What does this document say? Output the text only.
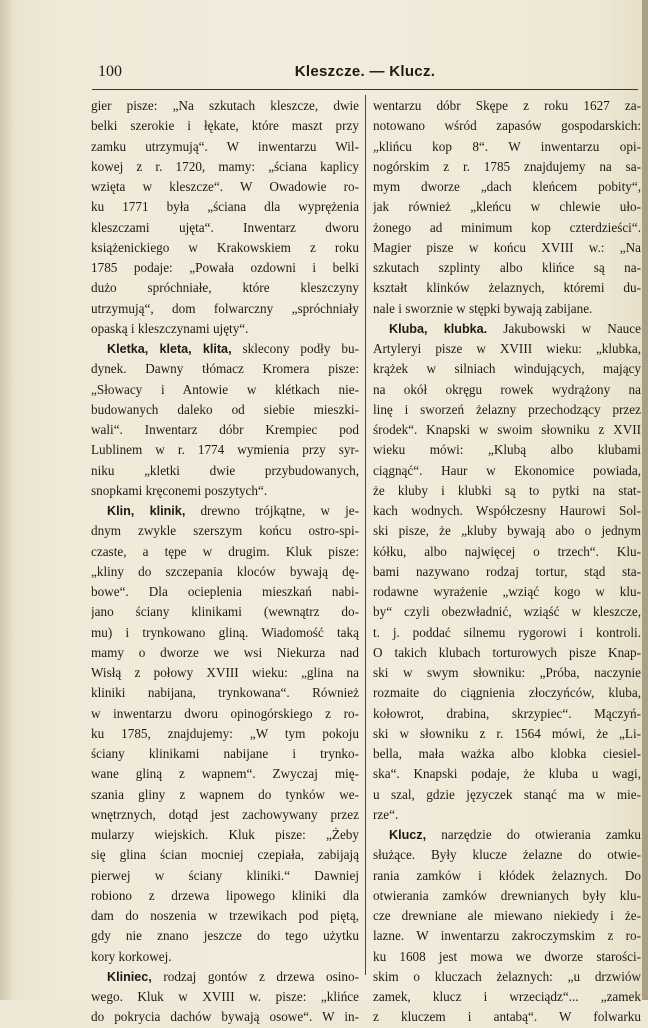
100	Kleszcze. — Klucz.
gier pisze: „Na szkutach kleszcze, dwie
belki szerokie i łękate, które maszt przy
zamku utrzymują“. W inwentarzu Wil-
kowej z r. 1720, mamy: „ściana kaplicy
wzięta w kleszcze“. W Owadowie ro-
ku 1771 była „ściana dla wyprężenia
kleszczami ujęta“. Inwentarz dworu
książenickiego w Krakowskiem z roku
1785 podaje: „Powała ozdowni i belki
dużo spróchniałe, które kleszczyny
utrzymują“, dom folwarczny „spróchniały
opaską i kleszczynami ujęty“.
Kletka, kleta, klita, sklecony podły bu-
dynek. Dawny tłómacz Kromera pisze:
„Słowacy i Antowie w klétkach nie-
budowanych daleko od siebie mieszki-
wali“. Inwentarz dóbr Krempiec pod
Lublinem w r. 1774 wymienia przy syr-
niku „kletki dwie przybudowanych,
snopkami kręconemi poszytych“.
Klin, klinik, drewno trójkątne, w je-
dnym zwykle szerszym końcu ostro-spi-
czaste, a tępe w drugim. Kluk pisze:
„kliny do szczepania kloców bywają dę-
bowe“. Dla ocieplenia mieszkań nabi-
jano ściany klinikami (wewnątrz do-
mu) i trynkowano gliną. Wiadomość taką
mamy o dworze we wsi Niekurza nad
Wisłą z połowy XVIII wieku: „glina na
kliniki nabijana, trynkowana“. Również
w inwentarzu dworu opinogórskiego z ro-
ku 1785, znajdujemy: „W tym pokoju
ściany klinikami nabijane i trynko-
wane gliną z wapnem“. Zwyczaj mię-
szania gliny z wapnem do tynków we-
wnętrznych, dotąd jest zachowywany przez
mularzy wiejskich. Kluk pisze: „Żeby
się glina ścian mocniej czepiała, zabijają
pierwej w ściany kliniki.“ Dawniej
robiono z drzewa lipowego kliniki dla
dam do noszenia w trzewikach pod piętą,
gdy nie znano jeszcze do tego użytku
kory korkowej.
Kliniec, rodzaj gontów z drzewa osino-
wego. Kluk w XVIII w. pisze: „klińce
do pokrycia dachów bywają osowe“. W in-
wentarzu dóbr Skępe z roku 1627 za-
notowano wśród zapasów gospodarskich:
„klińcu kop 8“. W inwentarzu opi-
nogórskim z r. 1785 znajdujemy na sa-
mym dworze „dach kleńcem pobity“,
jak również „kleńcu w chlewie uło-
żonego ad minimum kop czterdzieści“.
Magier pisze w końcu XVIII w.: „Na
szkutach szplinty albo klińce są na-
kształt klinków żelaznych, któremi du-
nale i sworznie w stępki bywają zabijane.
Kluba, klubka. Jakubowski w Nauce
Artyleryi pisze w XVIII wieku: „klubka,
krążek w silniach windujących, mający
na okół okręgu rowek wydrążony na
linę i sworzeń żelazny przechodzący przez
środek“. Knapski w swoim słowniku z XVII
wieku mówi: „Klubą albo klubami
ciągnąć“. Haur w Ekonomice powiada,
że kluby i klubki są to pytki na stat-
kach wodnych. Współczesny Haurowi Sol-
ski pisze, że „kluby bywają abo o jednym
kółku, albo najwięcej o trzech“. Klu-
bami nazywano rodzaj tortur, stąd sta-
rodawne wyrażenie „wziąć kogo w klu-
by“ czyli obezwładnić, wziąść w kleszcze,
t. j. poddać silnemu rygorowi i kontroli.
O takich klubach torturowych pisze Knap-
ski w swym słowniku: „Próba, naczynie
rozmaite do ciągnienia złoczyńców, kluba,
kołowrot, drabina, skrzypiec“. Mączyń-
ski w słowniku z r. 1564 mówi, że „Li-
bella, mała ważka albo klobka ciesiel-
ska“. Knapski podaje, że kluba u wagi,
u szal, gdzie języczek stanąć ma w mie-
rze“.
Klucz, narzędzie do otwierania zamku
służące. Były klucze żelazne do otwie-
rania zamków i kłódek żelaznych. Do
otwierania zamków drewnianych były klu-
cze drewniane ale miewano niekiedy i że-
lazne. W inwentarzu zakroczymskim z ro-
ku 1608 jest mowa we dworze starości-
skim o kluczach żelaznych: „u drzwiów
zamek, klucz i wrzeciądz“... „zamek
z kluczem i antabą“. W folwarku
